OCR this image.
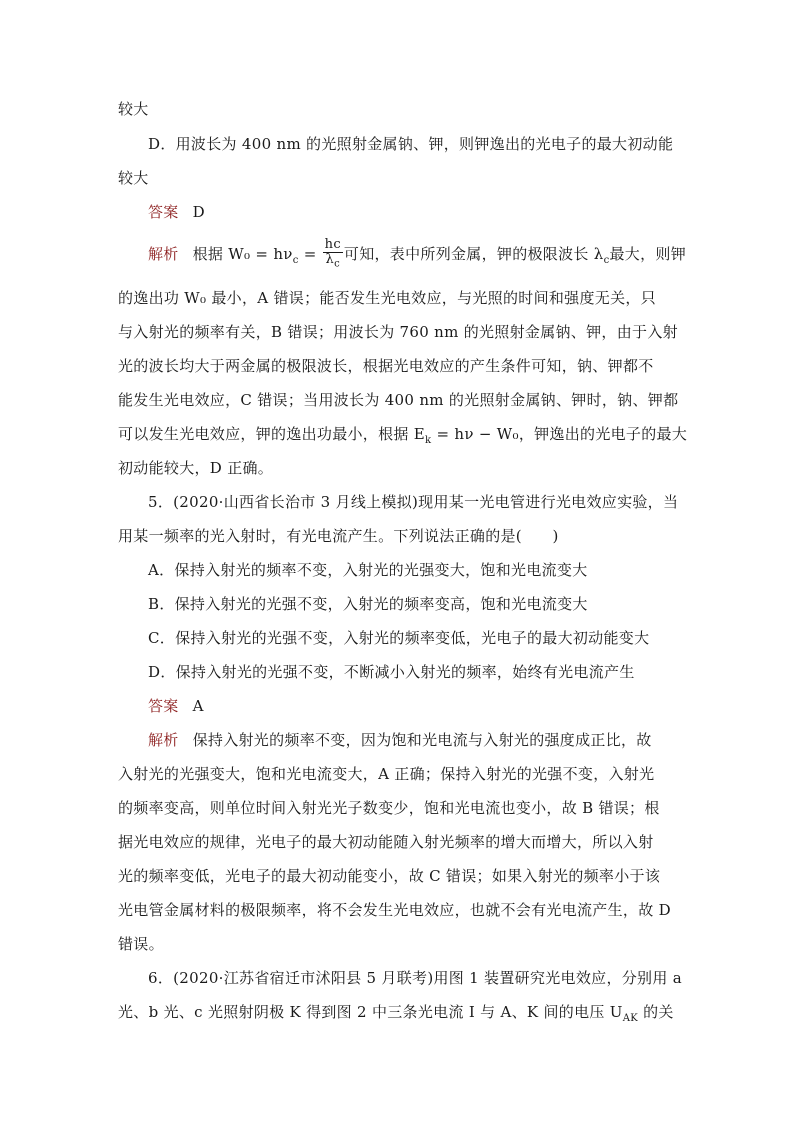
较大
D．用波长为 400 nm 的光照射金属钠、钾，则钾逸出的光电子的最大初动能
较大
答案 D
解析 根据 $W_0 = h\nu_c = \frac{hc}{\lambda_c}$ 可知，表中所列金属，钾的极限波长 $\lambda_c$最大，则钾
的逸出功 W₀ 最小，A 错误；能否发生光电效应，与光照的时间和强度无关，只
与入射光的频率有关，B 错误；用波长为 760 nm 的光照射金属钠、钾，由于入射
光的波长均大于两金属的极限波长，根据光电效应的产生条件可知，钠、钾都不
能发生光电效应，C 错误；当用波长为 400 nm 的光照射金属钠、钾时，钠、钾都
可以发生光电效应，钾的逸出功最小，根据 $E_k = h\nu - W_0$，钾逸出的光电子的最大
初动能较大，D 正确。
5．(2020·山西省长治市 3 月线上模拟)现用某一光电管进行光电效应实验，当
用某一频率的光入射时，有光电流产生。下列说法正确的是(　　)
A．保持入射光的频率不变，入射光的光强变大，饱和光电流变大
B．保持入射光的光强不变，入射光的频率变高，饱和光电流变大
C．保持入射光的光强不变，入射光的频率变低，光电子的最大初动能变大
D．保持入射光的光强不变，不断减小入射光的频率，始终有光电流产生
答案 A
解析 保持入射光的频率不变，因为饱和光电流与入射光的强度成正比，故
入射光的光强变大，饱和光电流变大，A 正确；保持入射光的光强不变，入射光
的频率变高，则单位时间入射光光子数变少，饱和光电流也变小，故 B 错误；根
据光电效应的规律，光电子的最大初动能随入射光频率的增大而增大，所以入射
光的频率变低，光电子的最大初动能变小，故 C 错误；如果入射光的频率小于该
光电管金属材料的极限频率，将不会发生光电效应，也就不会有光电流产生，故 D
错误。
6．(2020·江苏省宿迁市沭阳县 5 月联考)用图 1 装置研究光电效应，分别用 a
光、b 光、c 光照射阴极 K 得到图 2 中三条光电流 I 与 A、K 间的电压 $U_{AK}$ 的关
